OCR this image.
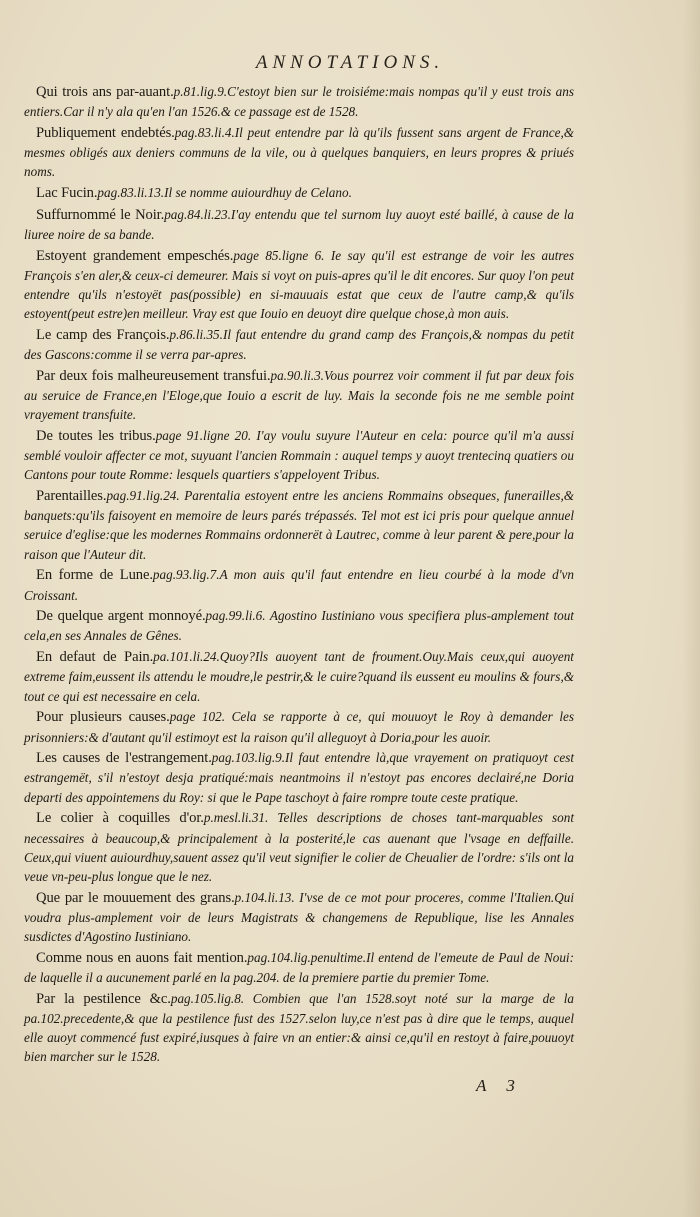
ANNOTATIONS.

Qui trois ans par-auant.p.81.lig.9.C'estoyt bien sur le troisiéme:mais nompas qu'il y eust trois ans entiers.Car il n'y ala qu'en l'an 1526.& ce passage est de 1528.

Publiquement endebtés.pag.83.li.4.Il peut entendre par là qu'ils fussent sans argent de France,& mesmes obligés aux deniers communs de la vile, ou à quelques banquiers, en leurs propres & priués noms.

Lac Fucin.pag.83.li.13.Il se nomme auiourdhuy de Celano.

Suffurnommé le Noir.pag.84.li.23.I'ay entendu que tel surnom luy auoyt esté baillé, à cause de la liuree noire de sa bande.

Estoyent grandement empeschés.page 85.ligne 6. Ie say qu'il est estrange de voir les autres François s'en aler,& ceux-ci demeurer. Mais si voyt on puis-apres qu'il le dit encores. Sur quoy l'on peut entendre qu'ils n'estoyët pas(possible) en si-mauuais estat que ceux de l'autre camp,& qu'ils estoyent(peut estre)en meilleur. Vray est que Iouio en deuoyt dire quelque chose,à mon auis.

Le camp des François.p.86.li.35.Il faut entendre du grand camp des François,& nompas du petit des Gascons:comme il se verra par-apres.

Par deux fois malheureusement transfui.pa.90.li.3.Vous pourrez voir comment il fut par deux fois au seruice de France,en l'Eloge,que Iouio a escrit de luy. Mais la seconde fois ne me semble point vrayement transfuite.

De toutes les tribus.page 91.ligne 20. I'ay voulu suyure l'Auteur en cela: pource qu'il m'a aussi semblé vouloir affecter ce mot, suyuant l'ancien Rommain : auquel temps y auoyt trentecinq quatiers ou Cantons pour toute Romme: lesquels quartiers s'appeloyent Tribus.

Parentailles.pag.91.lig.24. Parentalia estoyent entre les anciens Rommains obseques, funerailles,& banquets:qu'ils faisoyent en memoire de leurs parés trépassés. Tel mot est ici pris pour quelque annuel seruice d'eglise:que les modernes Rommains ordonnerët à Lautrec, comme à leur parent & pere,pour la raison que l'Auteur dit.

En forme de Lune.pag.93.lig.7.A mon auis qu'il faut entendre en lieu courbé à la mode d'vn Croissant.

De quelque argent monnoyé.pag.99.li.6. Agostino Iustiniano vous specifiera plus-amplement tout cela,en ses Annales de Gênes.

En defaut de Pain.pa.101.li.24.Quoy?Ils auoyent tant de froument.Ouy.Mais ceux,qui auoyent extreme faim,eussent ils attendu le moudre,le pestrir,& le cuire?quand ils eussent eu moulins & fours,& tout ce qui est necessaire en cela.

Pour plusieurs causes.page 102. Cela se rapporte à ce, qui mouuoyt le Roy à demander les prisonniers:& d'autant qu'il estimoyt est la raison qu'il alleguoyt à Doria,pour les auoir.

Les causes de l'estrangement.pag.103.lig.9.Il faut entendre là,que vrayement on pratiquoyt cest estrangemët, s'il n'estoyt desja pratiqué:mais neantmoins il n'estoyt pas encores declairé,ne Doria departi des appointemens du Roy: si que le Pape taschoyt à faire rompre toute ceste pratique.

Le colier à coquilles d'or.p.mesl.li.31. Telles descriptions de choses tant-marquables sont necessaires à beaucoup,& principalement à la posterité,le cas auenant que l'vsage en deffaille. Ceux,qui viuent auiourdhuy,sauent assez qu'il veut signifier le colier de Cheualier de l'ordre: s'ils ont la veue vn-peu-plus longue que le nez.

Que par le mouuement des grans.p.104.li.13. I'vse de ce mot pour proceres, comme l'Italien.Qui voudra plus-amplement voir de leurs Magistrats & changemens de Republique, lise les Annales susdictes d'Agostino Iustiniano.

Comme nous en auons fait mention.pag.104.lig.penultime.Il entend de l'emeute de Paul de Noui: de laquelle il a aucunement parlé en la pag.204. de la premiere partie du premier Tome.

Par la pestilence &c.pag.105.lig.8. Combien que l'an 1528.soyt noté sur la marge de la pa.102.precedente,& que la pestilence fust des 1527.selon luy,ce n'est pas à dire que le temps, auquel elle auoyt commencé fust expiré,iusques à faire vn an entier:& ainsi ce,qu'il en restoyt à faire,pouuoyt bien marcher sur le 1528.

A 3
